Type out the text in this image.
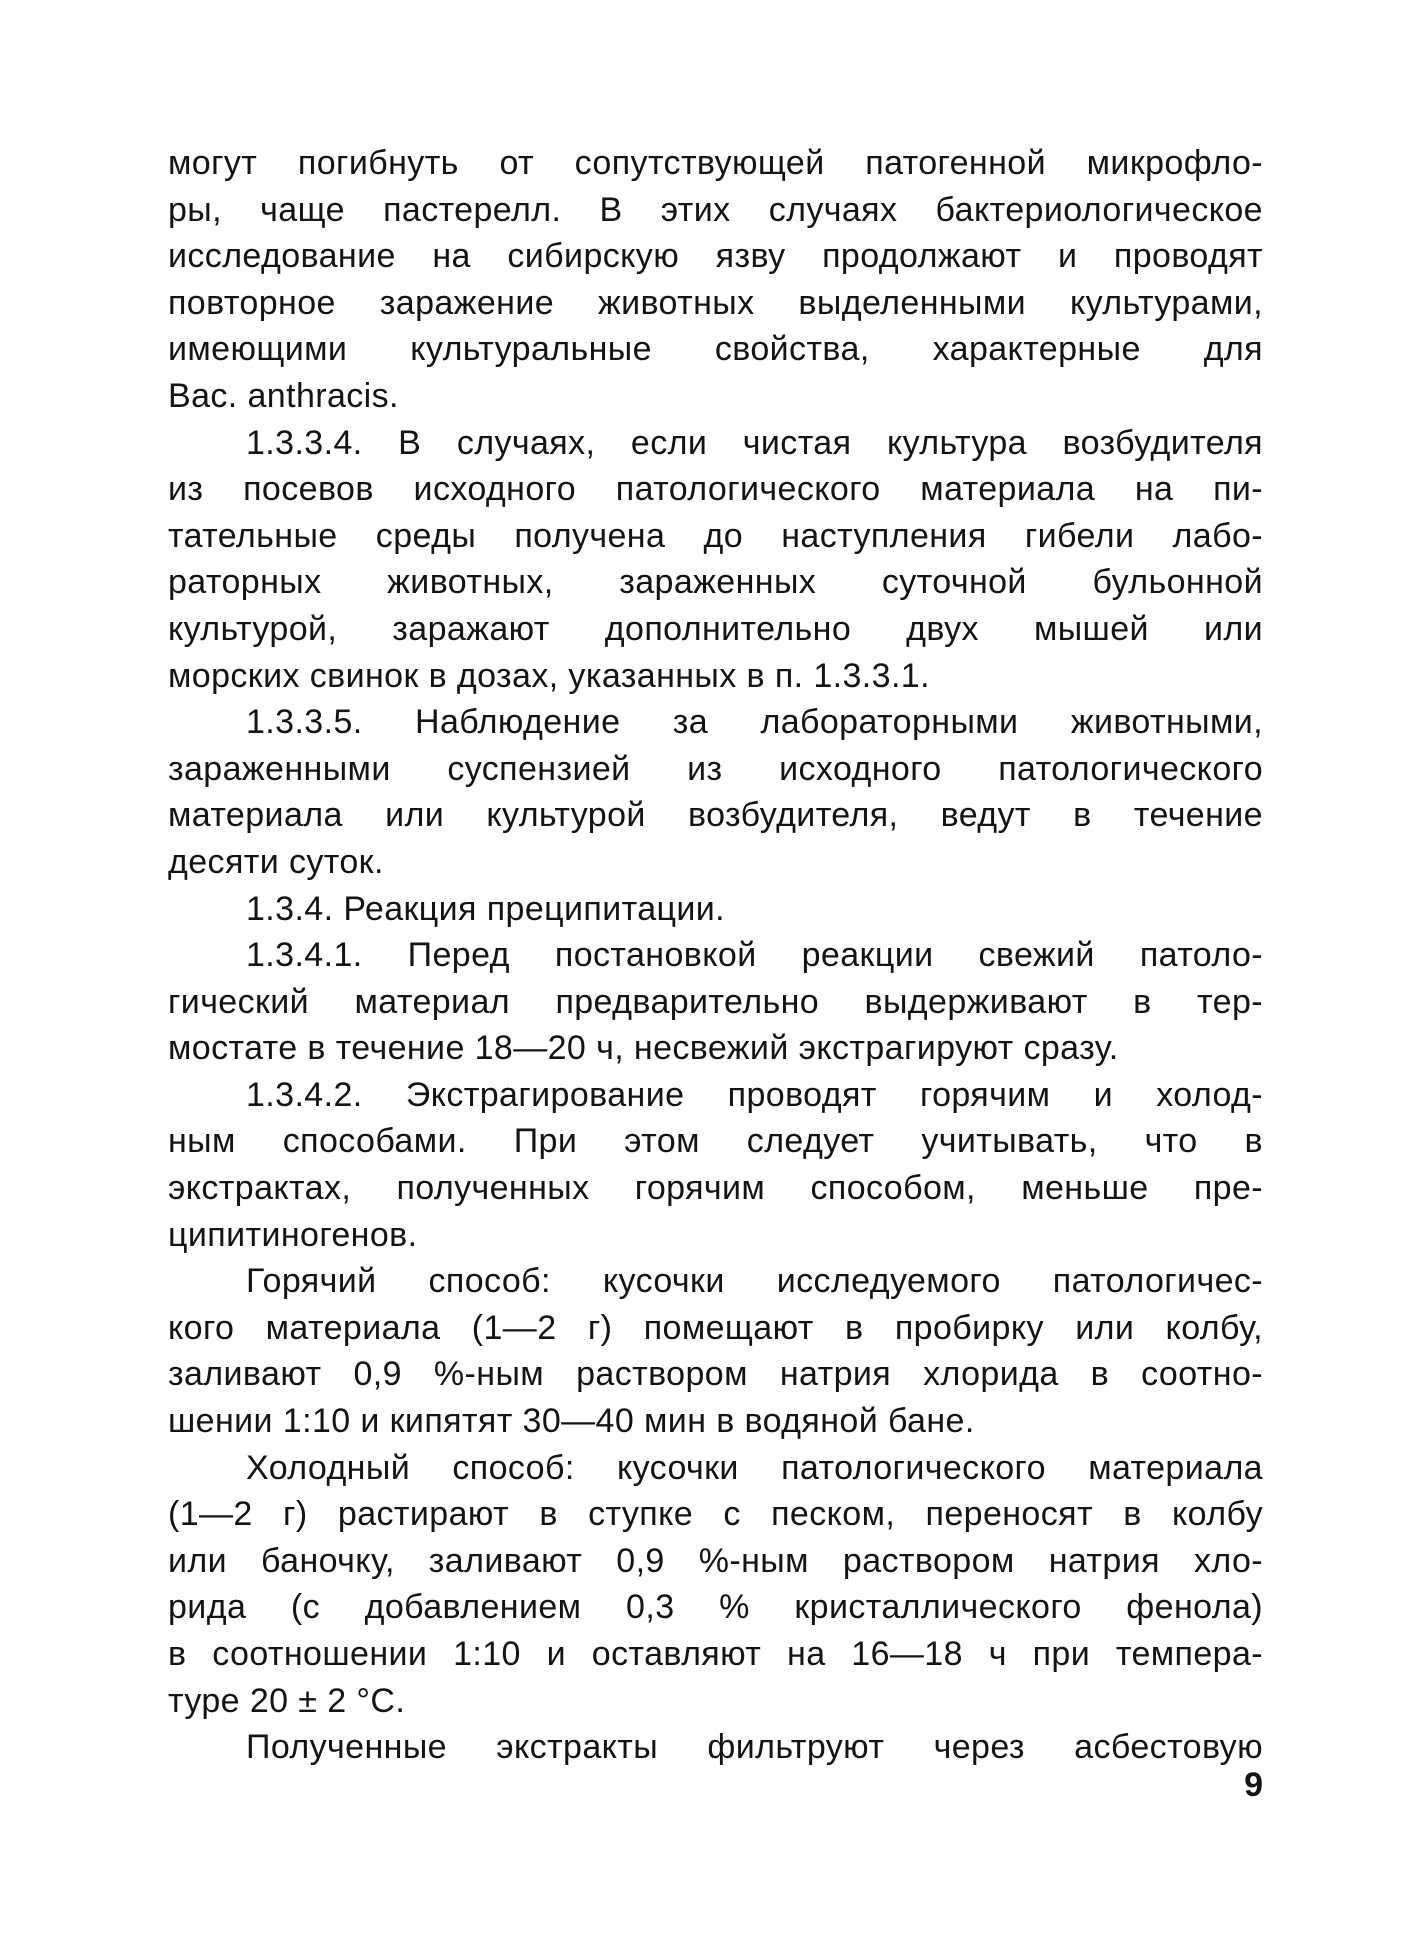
могут погибнуть от сопутствующей патогенной микрофло-
ры, чаще пастерелл. В этих случаях бактериологическое
исследование на сибирскую язву продолжают и проводят
повторное заражение животных выделенными культурами,
имеющими культуральные свойства, характерные для
Bac. anthracis.
1.3.3.4. В случаях, если чистая культура возбудителя
из посевов исходного патологического материала на пи-
тательные среды получена до наступления гибели лабо-
раторных животных, зараженных суточной бульонной
культурой, заражают дополнительно двух мышей или
морских свинок в дозах, указанных в п. 1.3.3.1.
1.3.3.5. Наблюдение за лабораторными животными,
зараженными суспензией из исходного патологического
материала или культурой возбудителя, ведут в течение
десяти суток.
1.3.4. Реакция преципитации.
1.3.4.1. Перед постановкой реакции свежий патоло-
гический материал предварительно выдерживают в тер-
мостате в течение 18—20 ч, несвежий экстрагируют сразу.
1.3.4.2. Экстрагирование проводят горячим и холод-
ным способами. При этом следует учитывать, что в
экстрактах, полученных горячим способом, меньше пре-
ципитиногенов.
Горячий способ: кусочки исследуемого патологичес-
кого материала (1—2 г) помещают в пробирку или колбу,
заливают 0,9 %-ным раствором натрия хлорида в соотно-
шении 1:10 и кипятят 30—40 мин в водяной бане.
Холодный способ: кусочки патологического материала
(1—2 г) растирают в ступке с песком, переносят в колбу
или баночку, заливают 0,9 %-ным раствором натрия хло-
рида (с добавлением 0,3 % кристаллического фенола)
в соотношении 1:10 и оставляют на 16—18 ч при темпера-
туре 20 ± 2 °С.
Полученные экстракты фильтруют через асбестовую
9
